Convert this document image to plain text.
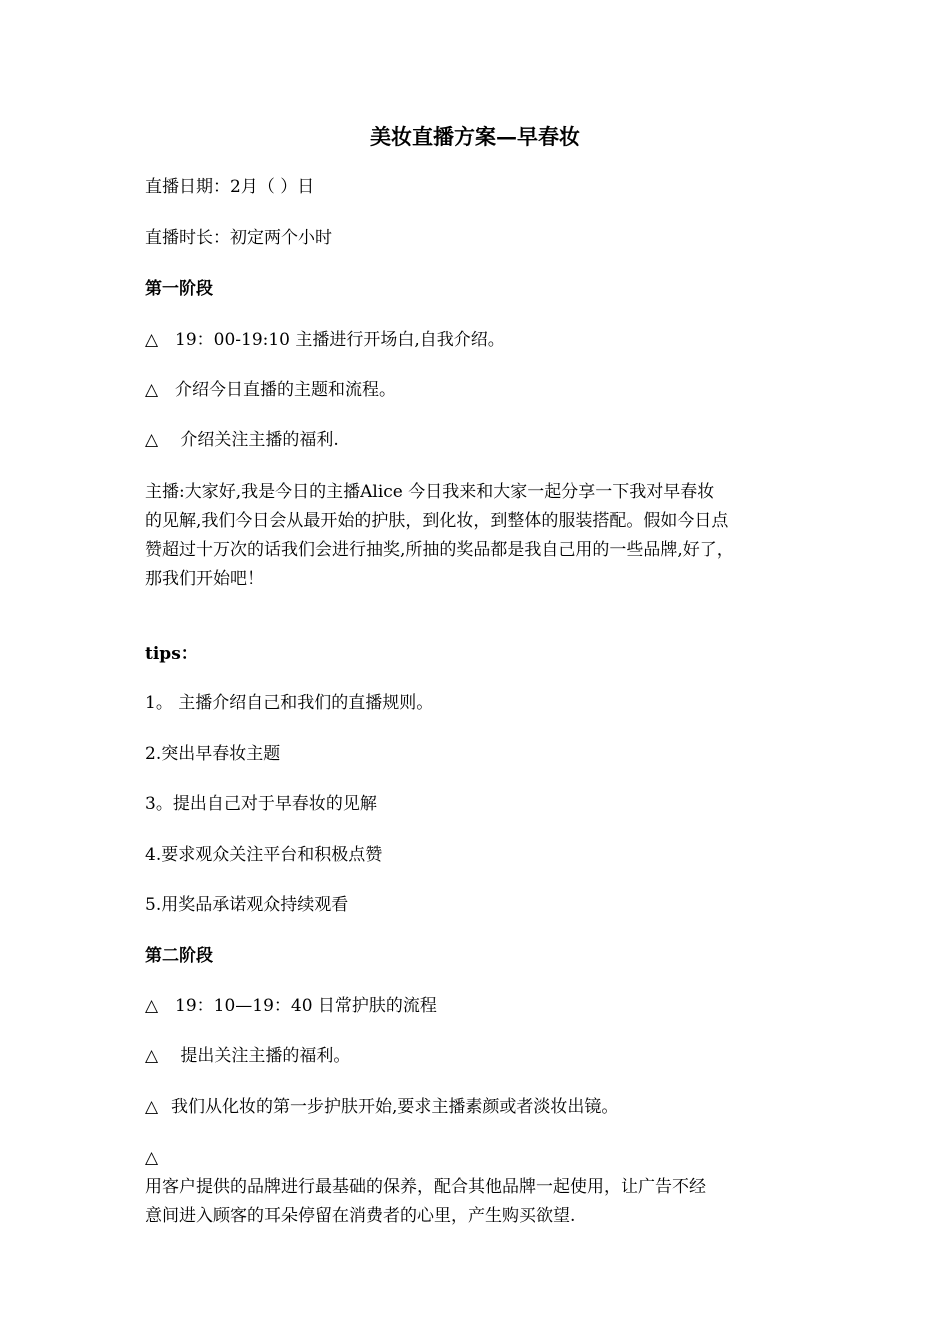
美妆直播方案—早春妆
直播日期：2月（ ）日
直播时长：初定两个小时
第一阶段
△ 19：00-19:10 主播进行开场白,自我介绍。
△ 介绍今日直播的主题和流程。
△ 介绍关注主播的福利.
主播:大家好,我是今日的主播Alice 今日我来和大家一起分享一下我对早春妆
的见解,我们今日会从最开始的护肤，到化妆，到整体的服装搭配。假如今日点
赞超过十万次的话我们会进行抽奖,所抽的奖品都是我自己用的一些品牌,好了，
那我们开始吧！
tips：
1。 主播介绍自己和我们的直播规则。
2.突出早春妆主题
3。提出自己对于早春妆的见解
4.要求观众关注平台和积极点赞
5.用奖品承诺观众持续观看
第二阶段
△ 19：10—19：40 日常护肤的流程
△ 提出关注主播的福利。
△ 我们从化妆的第一步护肤开始,要求主播素颜或者淡妆出镜。
△
用客户提供的品牌进行最基础的保养，配合其他品牌一起使用，让广告不经
意间进入顾客的耳朵停留在消费者的心里，产生购买欲望.
